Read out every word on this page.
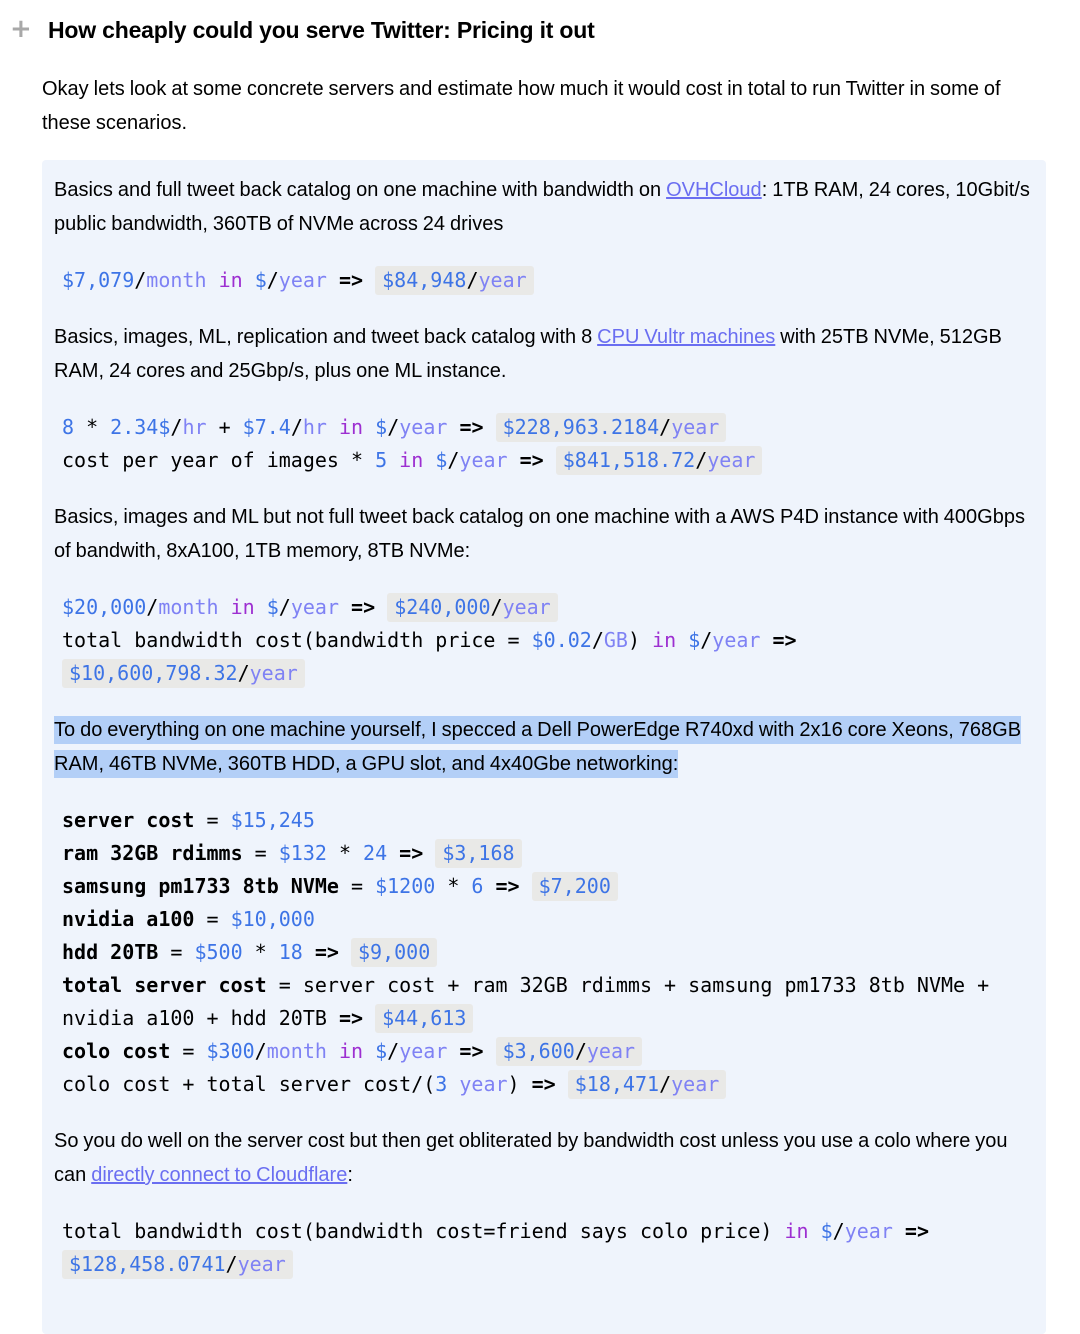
+ How cheaply could you serve Twitter: Pricing it out

Okay lets look at some concrete servers and estimate how much it would cost in total to run Twitter in some of these scenarios.

Basics and full tweet back catalog on one machine with bandwidth on OVHCloud: 1TB RAM, 24 cores, 10Gbit/s public bandwidth, 360TB of NVMe across 24 drives

$7,079/month in $/year => $84,948/year

Basics, images, ML, replication and tweet back catalog with 8 CPU Vultr machines with 25TB NVMe, 512GB RAM, 24 cores and 25Gbp/s, plus one ML instance.

8 * 2.34$/hr + $7.4/hr in $/year => $228,963.2184/year
cost per year of images * 5 in $/year => $841,518.72/year

Basics, images and ML but not full tweet back catalog on one machine with a AWS P4D instance with 400Gbps of bandwith, 8xA100, 1TB memory, 8TB NVMe:

$20,000/month in $/year => $240,000/year
total bandwidth cost(bandwidth price = $0.02/GB) in $/year => $10,600,798.32/year

To do everything on one machine yourself, I specced a Dell PowerEdge R740xd with 2x16 core Xeons, 768GB RAM, 46TB NVMe, 360TB HDD, a GPU slot, and 4x40Gbe networking:

server cost = $15,245
ram 32GB rdimms = $132 * 24 => $3,168
samsung pm1733 8tb NVMe = $1200 * 6 => $7,200
nvidia a100 = $10,000
hdd 20TB = $500 * 18 => $9,000
total server cost = server cost + ram 32GB rdimms + samsung pm1733 8tb NVMe + nvidia a100 + hdd 20TB => $44,613
colo cost = $300/month in $/year => $3,600/year
colo cost + total server cost/(3 year) => $18,471/year

So you do well on the server cost but then get obliterated by bandwidth cost unless you use a colo where you can directly connect to Cloudflare:

total bandwidth cost(bandwidth cost=friend says colo price) in $/year => $128,458.0741/year
